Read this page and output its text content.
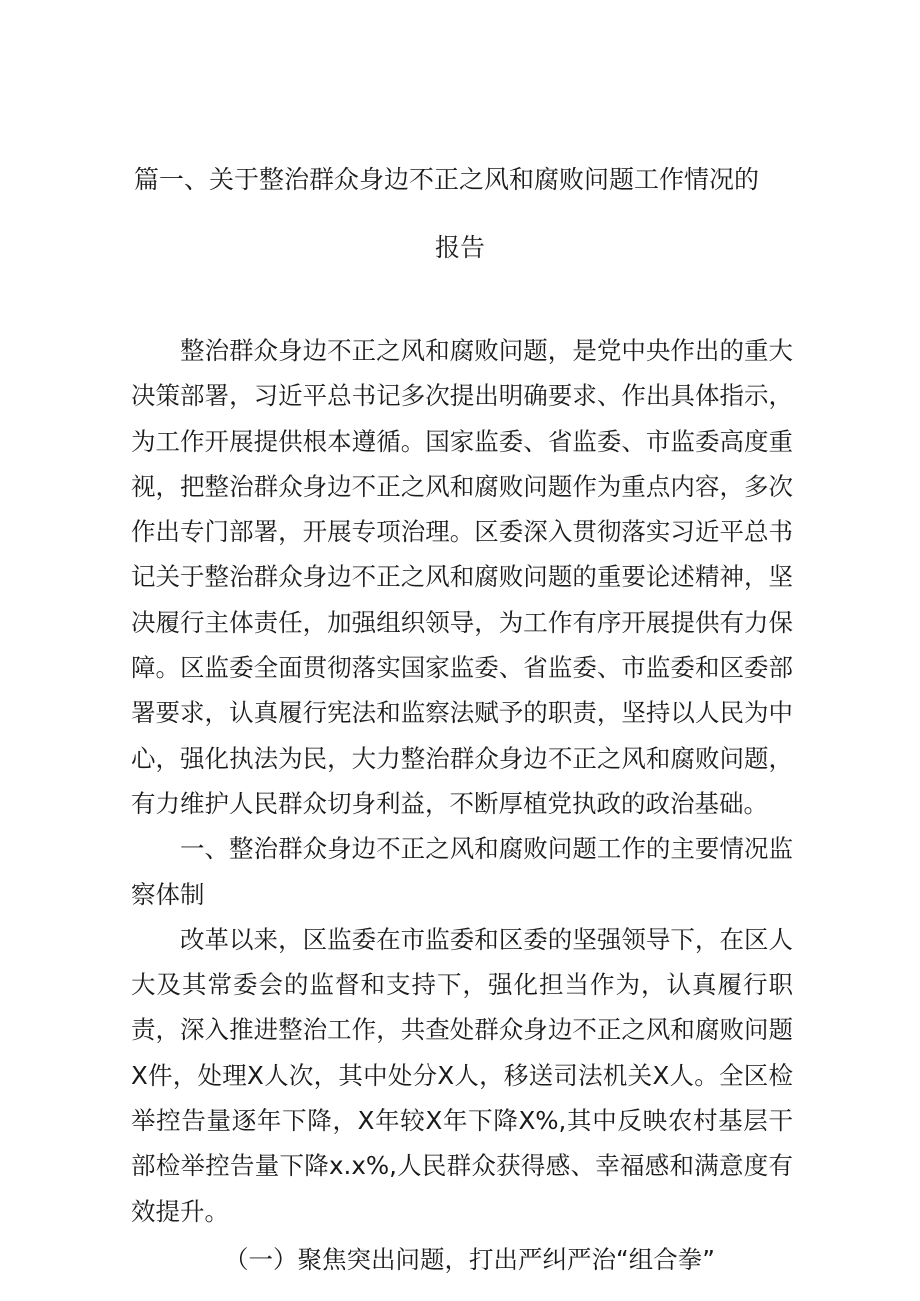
篇一、关于整治群众身边不正之风和腐败问题工作情况的
报告

整治群众身边不正之风和腐败问题，是党中央作出的重大决策部署，习近平总书记多次提出明确要求、作出具体指示，为工作开展提供根本遵循。国家监委、省监委、市监委高度重视，把整治群众身边不正之风和腐败问题作为重点内容，多次作出专门部署，开展专项治理。区委深入贯彻落实习近平总书记关于整治群众身边不正之风和腐败问题的重要论述精神，坚决履行主体责任，加强组织领导，为工作有序开展提供有力保障。区监委全面贯彻落实国家监委、省监委、市监委和区委部署要求，认真履行宪法和监察法赋予的职责，坚持以人民为中心，强化执法为民，大力整治群众身边不正之风和腐败问题，有力维护人民群众切身利益，不断厚植党执政的政治基础。

一、整治群众身边不正之风和腐败问题工作的主要情况监察体制

改革以来，区监委在市监委和区委的坚强领导下，在区人大及其常委会的监督和支持下，强化担当作为，认真履行职责，深入推进整治工作，共查处群众身边不正之风和腐败问题X件，处理X人次，其中处分X人，移送司法机关X人。全区检举控告量逐年下降，X年较X年下降X%,其中反映农村基层干部检举控告量下降x.x%,人民群众获得感、幸福感和满意度有效提升。

（一）聚焦突出问题，打出严纠严治“组合拳”
